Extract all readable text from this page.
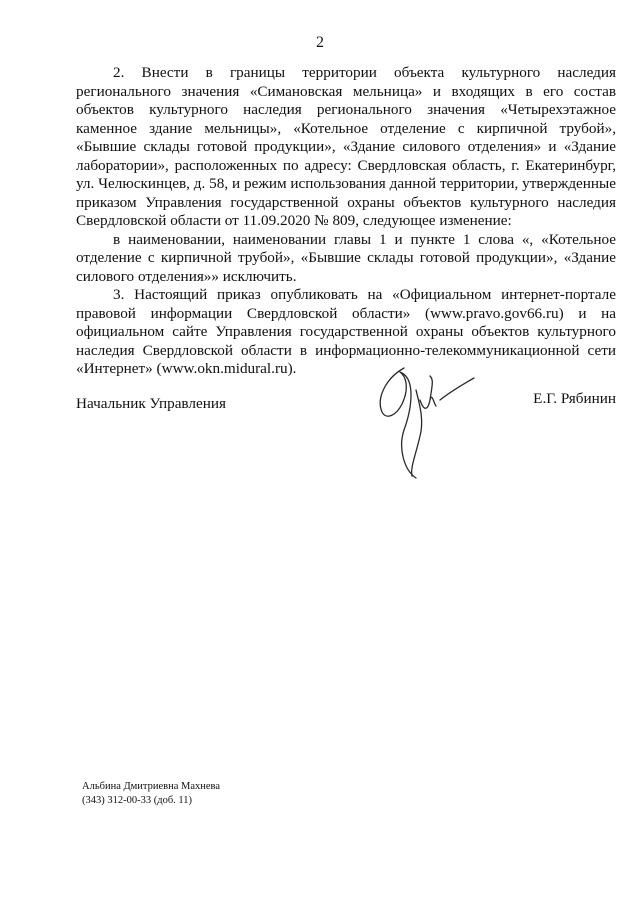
2

2. Внести в границы территории объекта культурного наследия регионального значения «Симановская мельница» и входящих в его состав объектов культурного наследия регионального значения «Четырехэтажное каменное здание мельницы», «Котельное отделение с кирпичной трубой», «Бывшие склады готовой продукции», «Здание силового отделения» и «Здание лаборатории», расположенных по адресу: Свердловская область, г. Екатеринбург, ул. Челюскинцев, д. 58, и режим использования данной территории, утвержденные приказом Управления государственной охраны объектов культурного наследия Свердловской области от 11.09.2020 № 809, следующее изменение:

в наименовании, наименовании главы 1 и пункте 1 слова «, «Котельное отделение с кирпичной трубой», «Бывшие склады готовой продукции», «Здание силового отделения»» исключить.

3. Настоящий приказ опубликовать на «Официальном интернет-портале правовой информации Свердловской области» (www.pravo.gov66.ru) и на официальном сайте Управления государственной охраны объектов культурного наследия Свердловской области в информационно-телекоммуникационной сети «Интернет» (www.okn.midural.ru).

Начальник Управления	Е.Г. Рябинин
Альбина Дмитриевна Махнева
(343) 312-00-33 (доб. 11)
